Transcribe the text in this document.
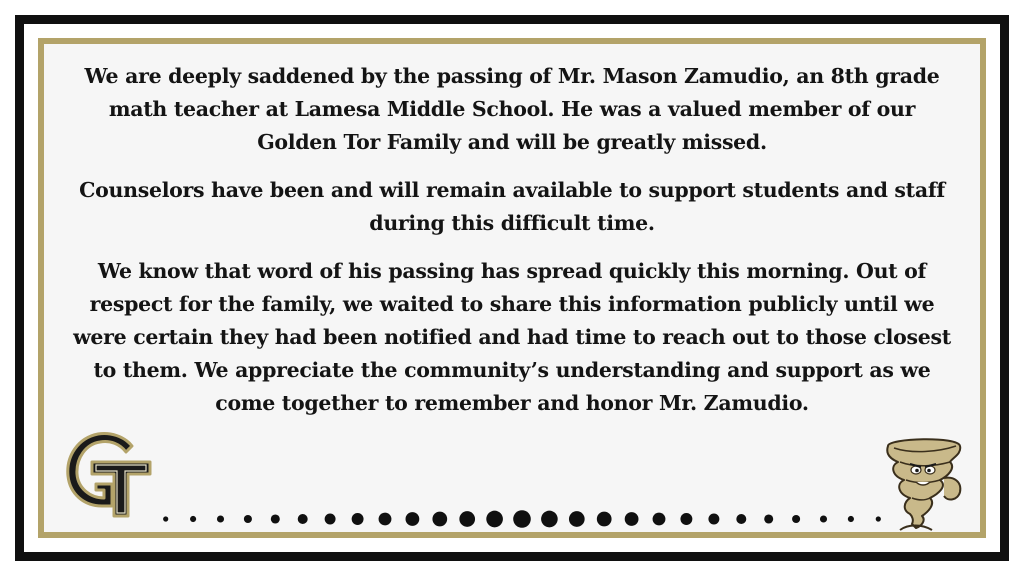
We are deeply saddened by the passing of Mr. Mason Zamudio, an 8th grade math teacher at Lamesa Middle School. He was a valued member of our Golden Tor Family and will be greatly missed.

Counselors have been and will remain available to support students and staff during this difficult time.

We know that word of his passing has spread quickly this morning. Out of respect for the family, we waited to share this information publicly until we were certain they had been notified and had time to reach out to those closest to them. We appreciate the community’s understanding and support as we come together to remember and honor Mr. Zamudio.
